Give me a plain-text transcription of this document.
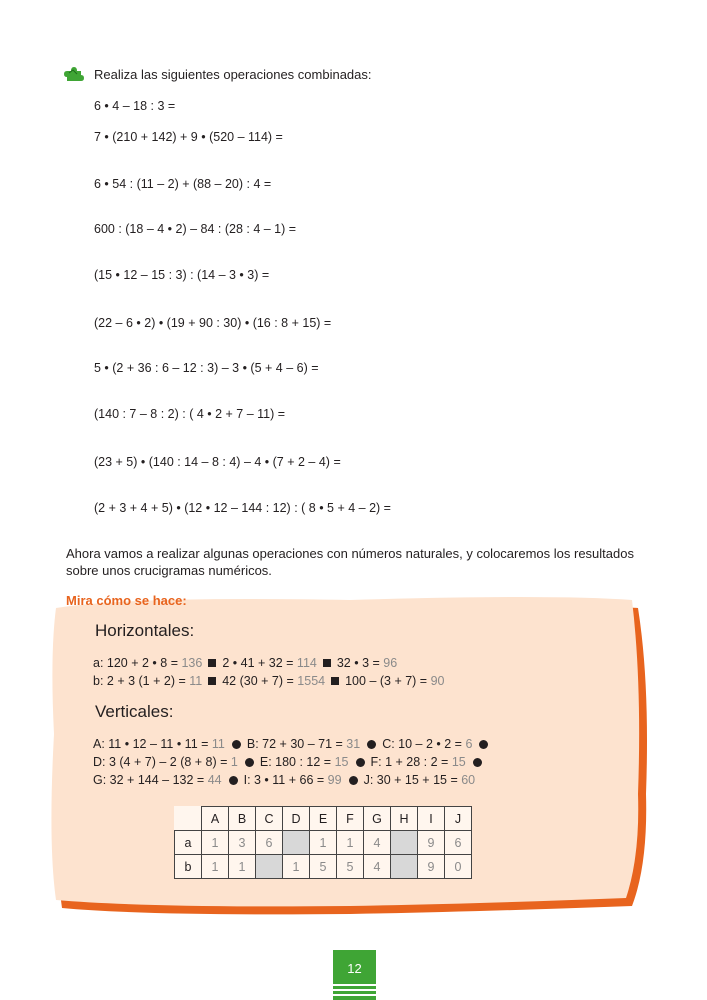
Realiza las siguientes operaciones combinadas:
6 • 4 – 18 : 3 =
7 • (210 + 142) + 9 • (520 – 114) =
6 • 54 : (11 – 2) + (88 – 20) : 4 =
600 : (18 – 4 • 2) – 84 : (28 : 4 – 1) =
(15 • 12 – 15 : 3) : (14 – 3 • 3) =
(22 – 6 • 2) • (19 + 90 : 30) • (16 : 8 + 15) =
5 • (2 + 36 : 6 – 12 : 3) – 3 • (5 + 4 – 6) =
(140 : 7 – 8 : 2) : ( 4 • 2 + 7 – 11) =
(23 + 5) • (140 : 14 – 8 : 4) – 4 • (7 + 2 – 4) =
(2 + 3 + 4 + 5) • (12 • 12 – 144 : 12) : ( 8 • 5 + 4 – 2) =
Ahora vamos a realizar algunas operaciones con números naturales, y colocaremos los resultados sobre unos crucigramas numéricos.
Mira cómo se hace:
Horizontales:
a: 120 + 2 • 8 = 136 2 • 41 + 32 = 114 32 • 3 = 96
b: 2 + 3 (1 + 2) = 11 42 (30 + 7) = 1554 100 – (3 + 7) = 90
Verticales:
A: 11 • 12 – 11 • 11 = 11 B: 72 + 30 – 71 = 31 C: 10 – 2 • 2 = 6
D: 3 (4 + 7) – 2 (8 + 8) = 1 E: 180 : 12 = 15 F: 1 + 28 : 2 = 15
G: 32 + 144 – 132 = 44 I: 3 • 11 + 66 = 99 J: 30 + 15 + 15 = 60
	A	B	C	D	E	F	G	H	I	J
a	1	3	6		1	1	4		9	6
b	1	1		1	5	5	4		9	0
12
